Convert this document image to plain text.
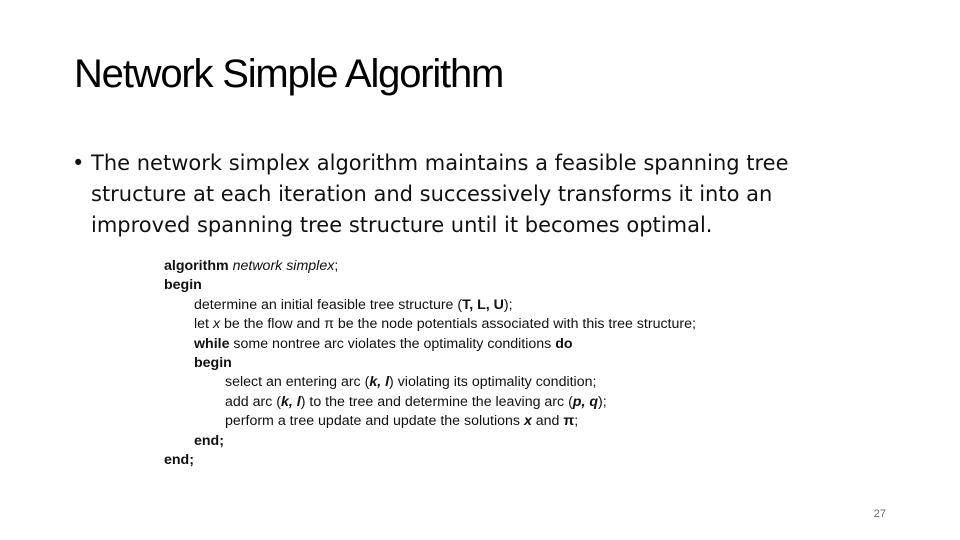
Network Simple Algorithm
• The network simplex algorithm maintains a feasible spanning tree structure at each iteration and successively transforms it into an improved spanning tree structure until it becomes optimal.
algorithm network simplex;
begin
determine an initial feasible tree structure (T, L, U);
let x be the flow and π be the node potentials associated with this tree structure;
while some nontree arc violates the optimality conditions do
begin
select an entering arc (k, l) violating its optimality condition;
add arc (k, l) to the tree and determine the leaving arc (p, q);
perform a tree update and update the solutions x and π;
end;
end;
27
